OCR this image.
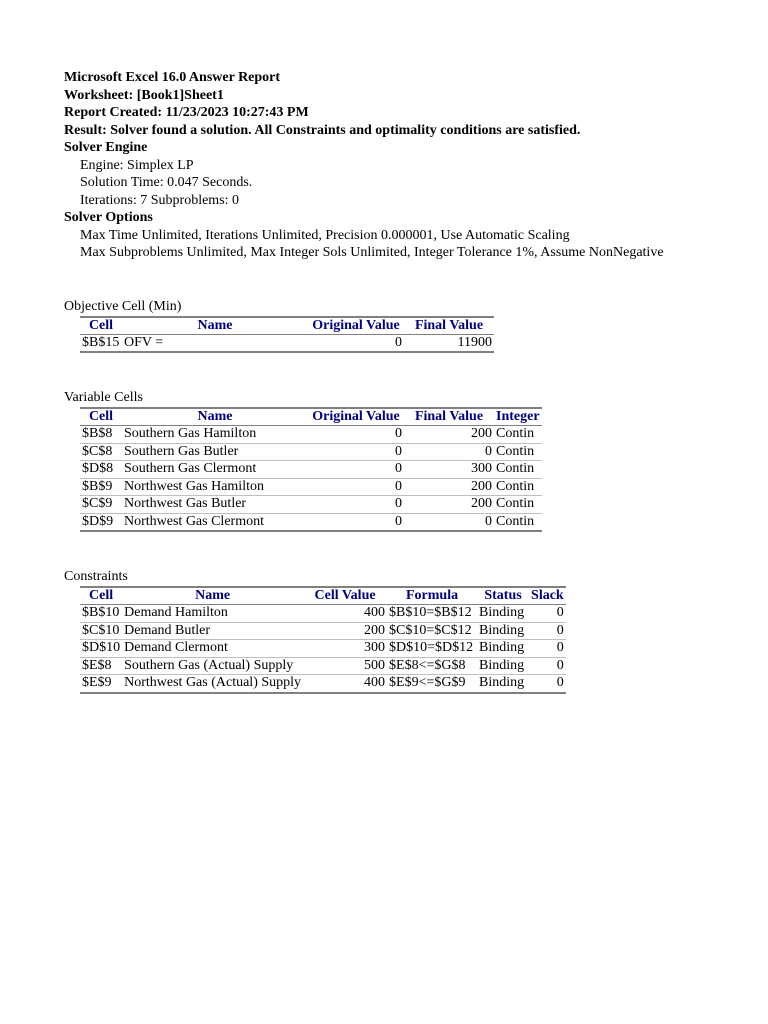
Microsoft Excel 16.0 Answer Report
Worksheet: [Book1]Sheet1
Report Created: 11/23/2023 10:27:43 PM
Result: Solver found a solution. All Constraints and optimality conditions are satisfied.
Solver Engine
Engine: Simplex LP
Solution Time: 0.047 Seconds.
Iterations: 7 Subproblems: 0
Solver Options
Max Time Unlimited, Iterations Unlimited, Precision 0.000001, Use Automatic Scaling
Max Subproblems Unlimited, Max Integer Sols Unlimited, Integer Tolerance 1%, Assume NonNegative
Objective Cell (Min)
Cell	Name	Original Value	Final Value
$B$15	OFV =	0	11900
Variable Cells
Cell	Name	Original Value	Final Value	Integer
$B$8	Southern Gas Hamilton	0	200	Contin
$C$8	Southern Gas Butler	0	0	Contin
$D$8	Southern Gas Clermont	0	300	Contin
$B$9	Northwest Gas Hamilton	0	200	Contin
$C$9	Northwest Gas Butler	0	200	Contin
$D$9	Northwest Gas Clermont	0	0	Contin
Constraints
Cell	Name	Cell Value	Formula	Status	Slack
$B$10	Demand Hamilton	400	$B$10=$B$12	Binding	0
$C$10	Demand Butler	200	$C$10=$C$12	Binding	0
$D$10	Demand Clermont	300	$D$10=$D$12	Binding	0
$E$8	Southern Gas (Actual) Supply	500	$E$8<=$G$8	Binding	0
$E$9	Northwest Gas (Actual) Supply	400	$E$9<=$G$9	Binding	0
